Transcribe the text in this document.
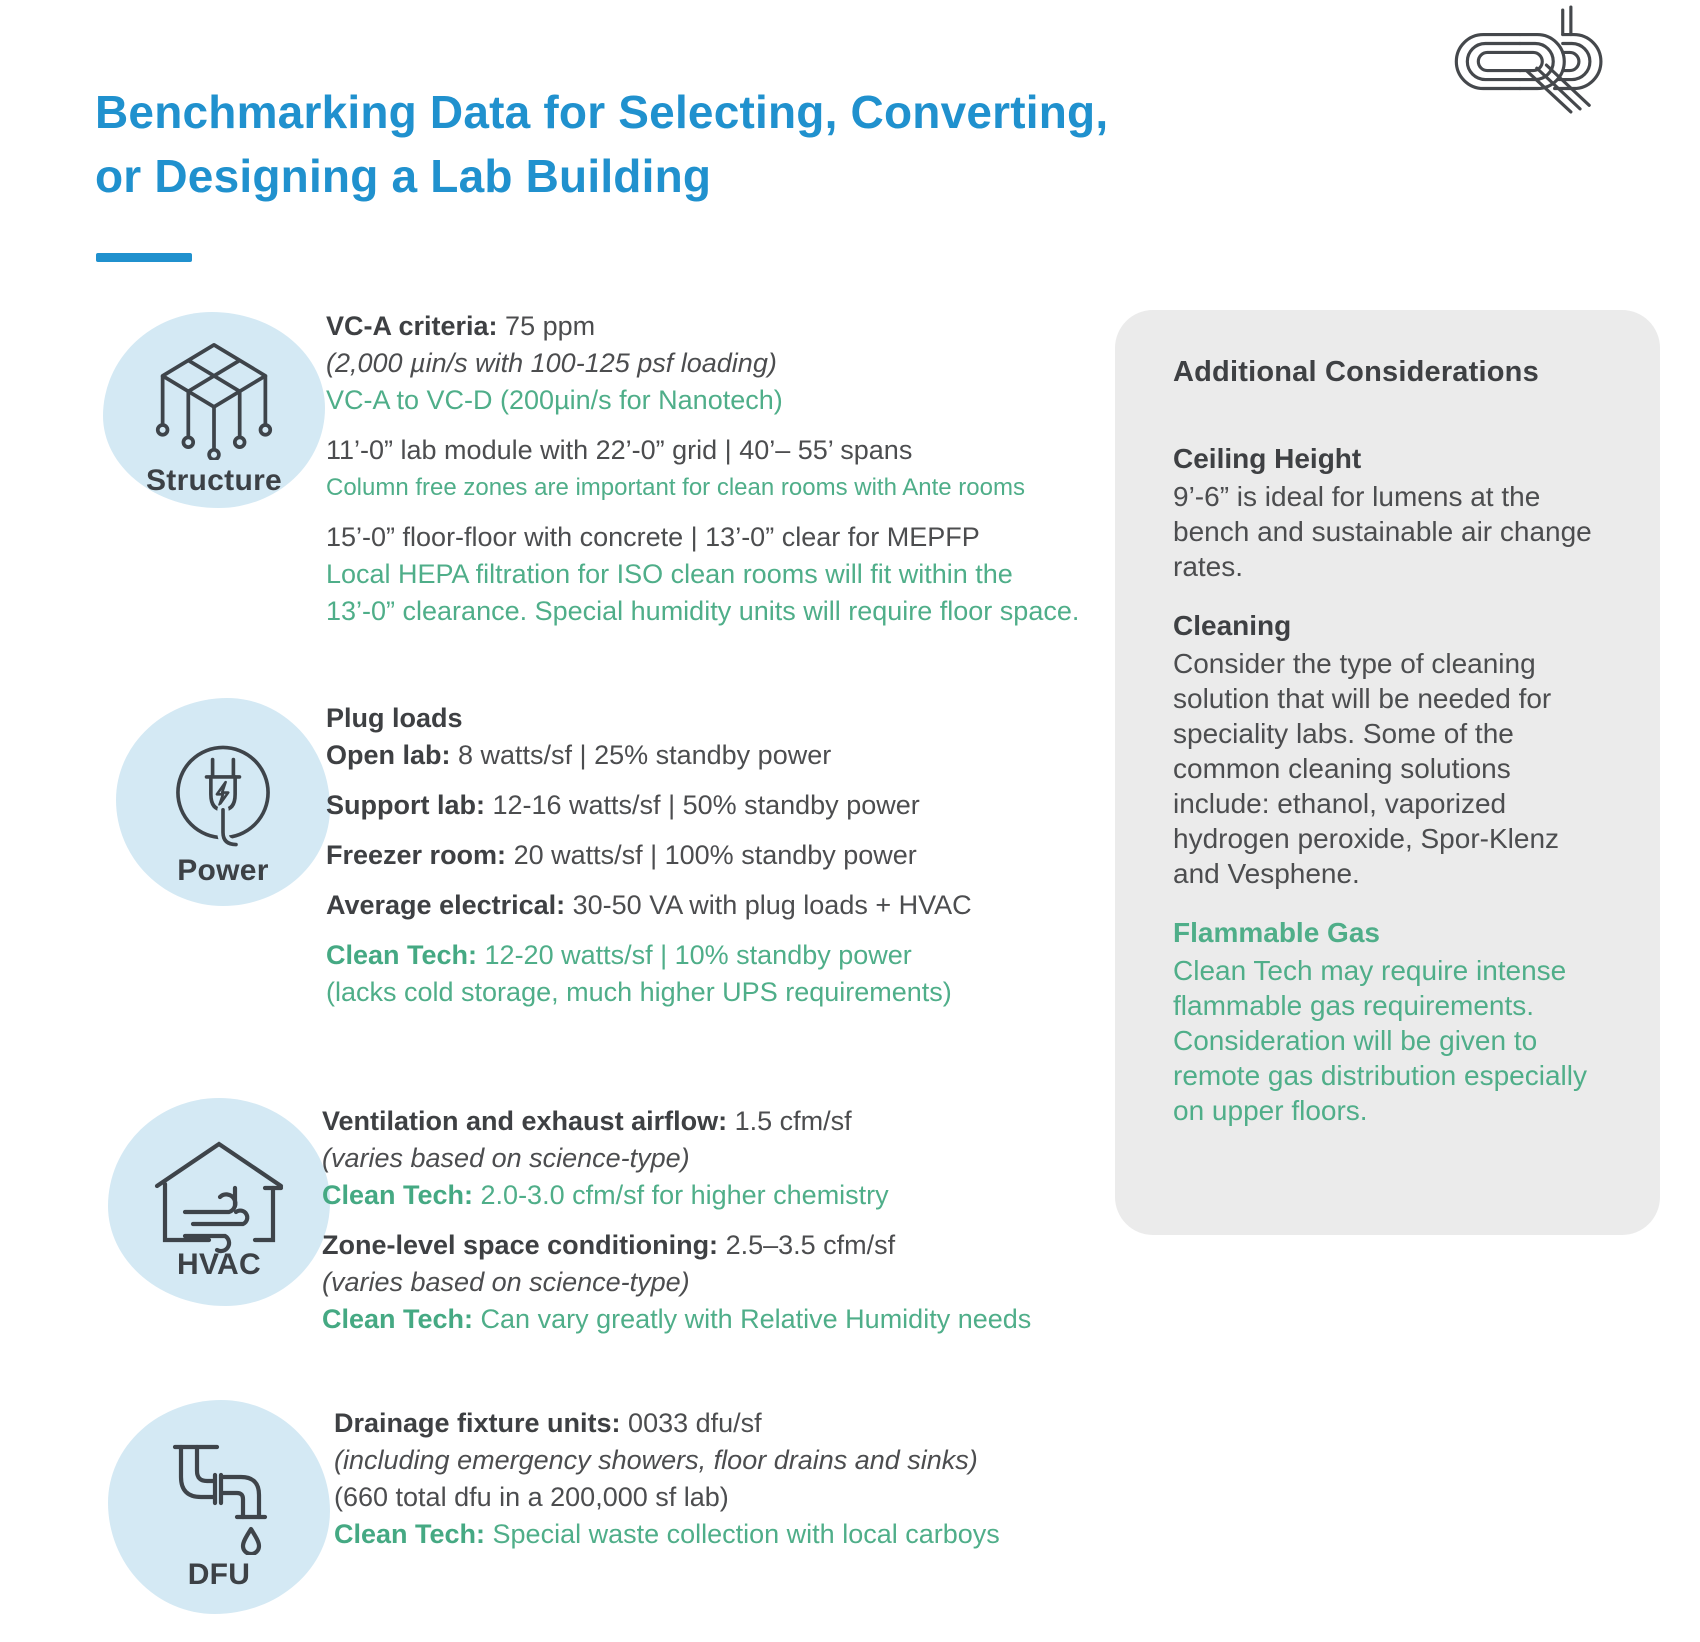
Benchmarking Data for Selecting, Converting,
or Designing a Lab Building
Structure
VC-A criteria: 75 ppm
(2,000 µin/s with 100-125 psf loading)
VC-A to VC-D (200µin/s for Nanotech)
11’-0” lab module with 22’-0” grid | 40’– 55’ spans
Column free zones are important for clean rooms with Ante rooms
15’-0” floor-floor with concrete | 13’-0” clear for MEPFP
Local HEPA filtration for ISO clean rooms will fit within the
13’-0” clearance. Special humidity units will require floor space.
Power
Plug loads
Open lab: 8 watts/sf | 25% standby power
Support lab: 12-16 watts/sf | 50% standby power
Freezer room: 20 watts/sf | 100% standby power
Average electrical: 30-50 VA with plug loads + HVAC
Clean Tech: 12-20 watts/sf | 10% standby power
(lacks cold storage, much higher UPS requirements)
HVAC
Ventilation and exhaust airflow: 1.5 cfm/sf
(varies based on science-type)
Clean Tech: 2.0-3.0 cfm/sf for higher chemistry
Zone-level space conditioning: 2.5–3.5 cfm/sf
(varies based on science-type)
Clean Tech: Can vary greatly with Relative Humidity needs
DFU
Drainage fixture units: 0033 dfu/sf
(including emergency showers, floor drains and sinks)
(660 total dfu in a 200,000 sf lab)
Clean Tech: Special waste collection with local carboys
Additional Considerations
Ceiling Height

9’-6” is ideal for lumens at the bench and sustainable air change rates.

Cleaning

Consider the type of cleaning solution that will be needed for speciality labs. Some of the common cleaning solutions include: ethanol, vaporized hydrogen peroxide, Spor-Klenz and Vesphene.

Flammable Gas

Clean Tech may require intense flammable gas requirements. Consideration will be given to remote gas distribution especially on upper floors.
